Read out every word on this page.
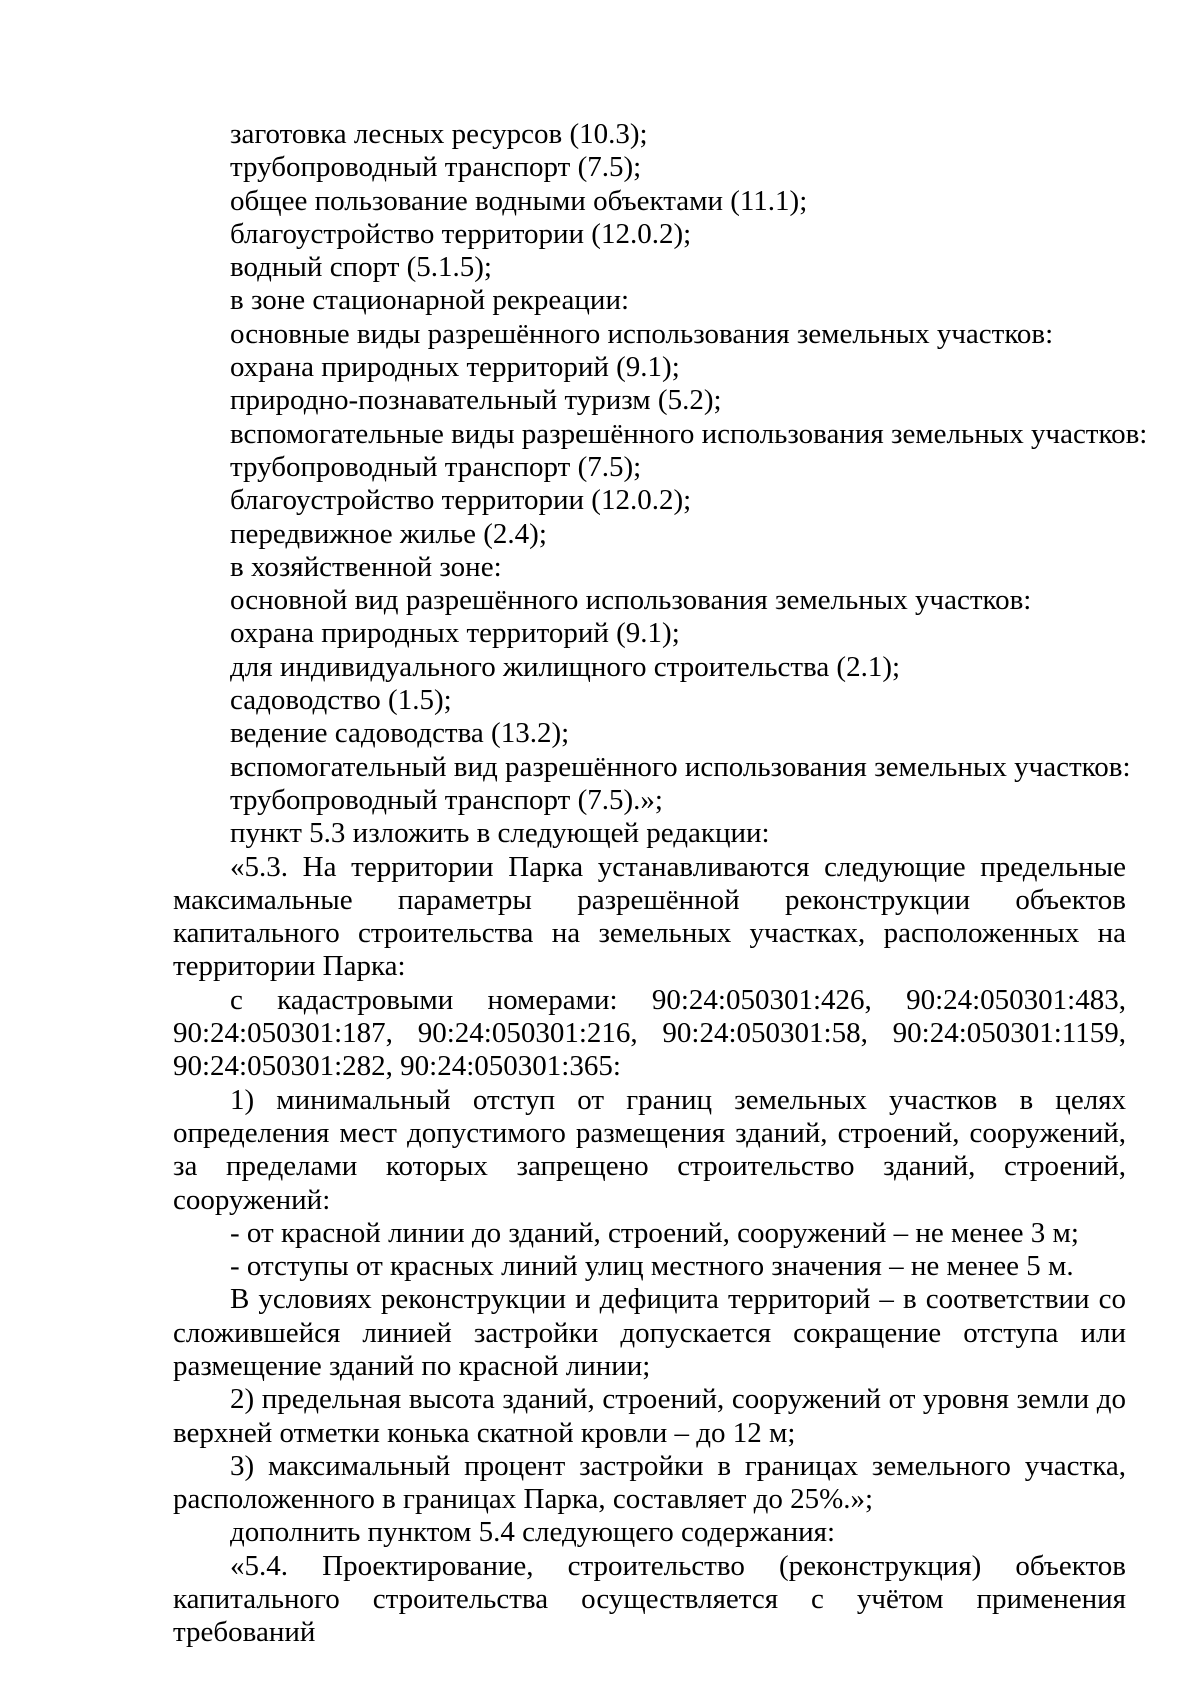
заготовка лесных ресурсов (10.3);
трубопроводный транспорт (7.5);
общее пользование водными объектами (11.1);
благоустройство территории (12.0.2);
водный спорт (5.1.5);
в зоне стационарной рекреации:
основные виды разрешённого использования земельных участков:
охрана природных территорий (9.1);
природно-познавательный туризм (5.2);
вспомогательные виды разрешённого использования земельных участков:
трубопроводный транспорт (7.5);
благоустройство территории (12.0.2);
передвижное жилье (2.4);
в хозяйственной зоне:
основной вид разрешённого использования земельных участков:
охрана природных территорий (9.1);
для индивидуального жилищного строительства (2.1);
садоводство (1.5);
ведение садоводства (13.2);
вспомогательный вид разрешённого использования земельных участков:
трубопроводный транспорт (7.5).»;
пункт 5.3 изложить в следующей редакции:

«5.3. На территории Парка устанавливаются следующие предельные максимальные параметры разрешённой реконструкции объектов капитального строительства на земельных участках, расположенных на территории Парка:

с кадастровыми номерами: 90:24:050301:426, 90:24:050301:483, 90:24:050301:187, 90:24:050301:216, 90:24:050301:58, 90:24:050301:1159, 90:24:050301:282, 90:24:050301:365:

1) минимальный отступ от границ земельных участков в целях определения мест допустимого размещения зданий, строений, сооружений, за пределами которых запрещено строительство зданий, строений, сооружений:

- от красной линии до зданий, строений, сооружений – не менее 3 м;

- отступы от красных линий улиц местного значения – не менее 5 м.

В условиях реконструкции и дефицита территорий – в соответствии со сложившейся линией застройки допускается сокращение отступа или размещение зданий по красной линии;

2) предельная высота зданий, строений, сооружений от уровня земли до верхней отметки конька скатной кровли – до 12 м;

3) максимальный процент застройки в границах земельного участка, расположенного в границах Парка, составляет до 25%.»;

дополнить пунктом 5.4 следующего содержания:

«5.4. Проектирование, строительство (реконструкция) объектов капитального строительства осуществляется с учётом применения требований
